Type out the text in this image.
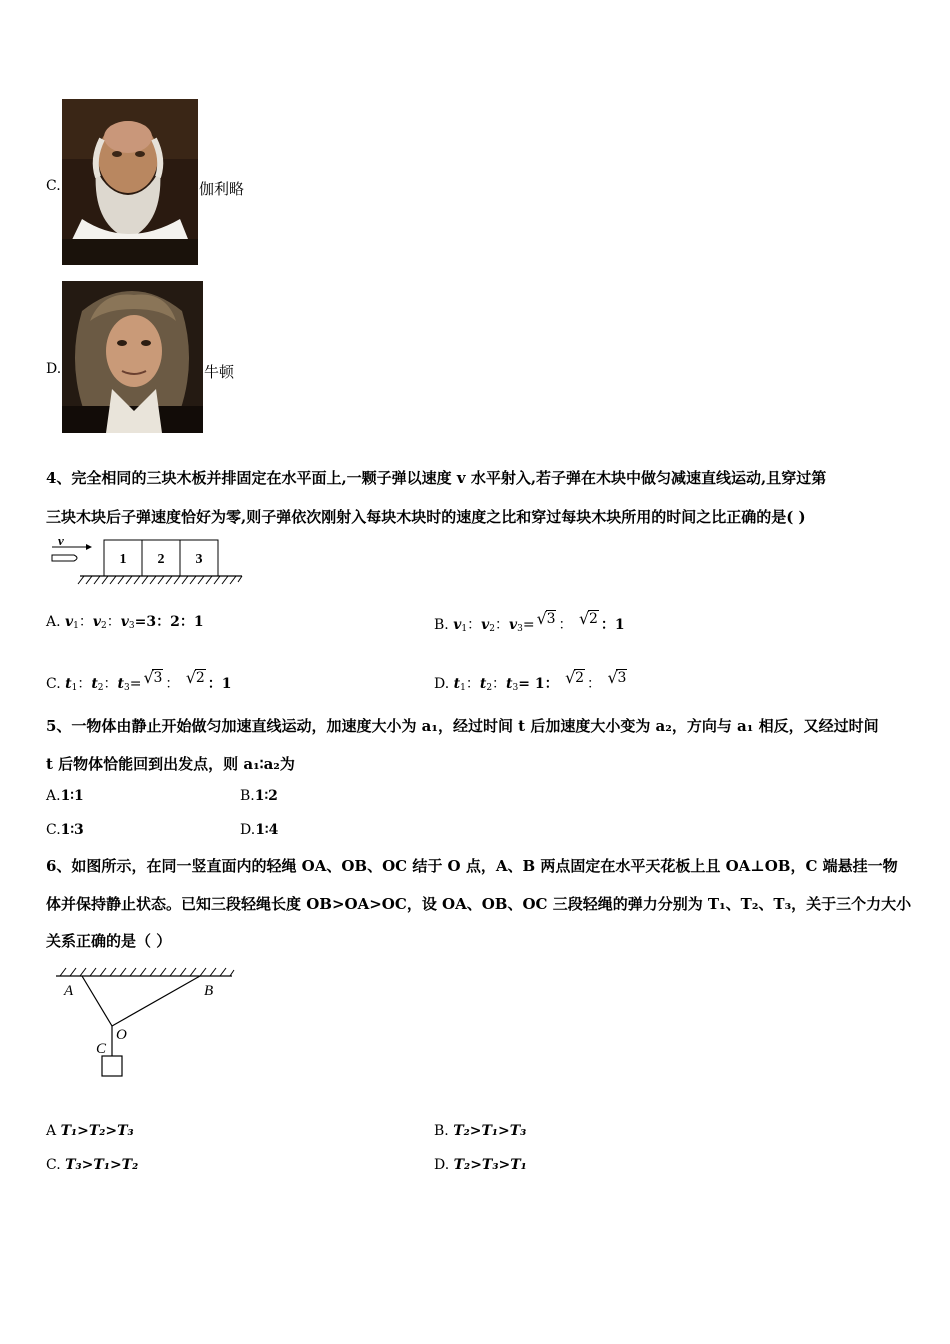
C.	伽利略
D.	牛顿
4、完全相同的三块木板并排固定在水平面上,一颗子弹以速度 v 水平射入,若子弹在木块中做匀减速直线运动,且穿过第
三块木块后子弹速度恰好为零,则子弹依次刚射入每块木块时的速度之比和穿过每块木块所用的时间之比正确的是( )
v
1 2 3
A. $v_1$：$v_2$：$v_3=3$：2：1	B. $v_1$：$v_2$：$v_3=$ √ 3 ： √ 2 ：1
C. $t_1$：$t_2$：$t_3=$ √ 3 ： √ 2 ：1	D. $t_1$：$t_2$：$t_3= 1$： √ 2 ： √ 3
5、一物体由静止开始做匀加速直线运动，加速度大小为 a₁，经过时间 t 后加速度大小变为 a₂，方向与 a₁ 相反，又经过时间
t 后物体恰能回到出发点，则 a₁∶a₂为
A.1∶1	B.1∶2
C.1∶3	D.1∶4
6、如图所示，在同一竖直面内的轻绳 OA、OB、OC 结于 O 点，A、B 两点固定在水平天花板上且 OA⊥OB，C 端悬挂一物
体并保持静止状态。已知三段轻绳长度 OB>OA>OC，设 OA、OB、OC 三段轻绳的弹力分别为 T₁、T₂、T₃，关于三个力大小
关系正确的是（ ）
A	B
O
C
A T₁>T₂>T₃	B. T₂>T₁>T₃
C. T₃>T₁>T₂	D. T₂>T₃>T₁
